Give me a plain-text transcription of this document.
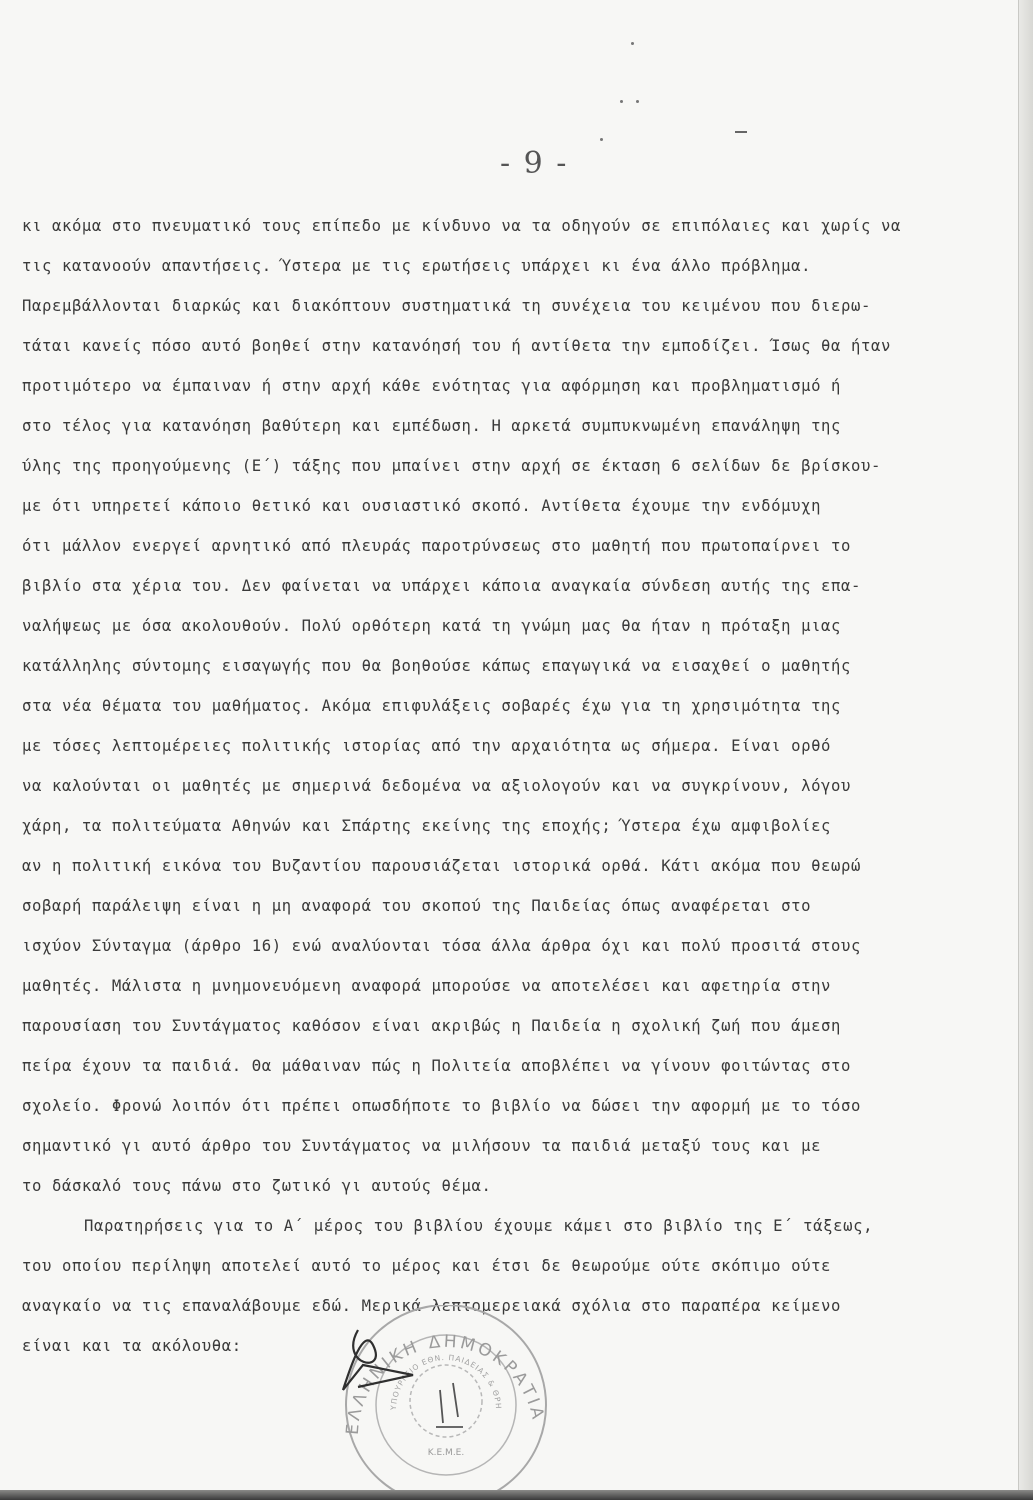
- 9 -
κι ακόμα στο πνευματικό τους επίπεδο με κίνδυνο να τα οδηγούν σε επιπόλαιες και χωρίς να
τις κατανοούν απαντήσεις. Ύστερα με τις ερωτήσεις υπάρχει κι ένα άλλο πρόβλημα.
Παρεμβάλλονται διαρκώς και διακόπτουν συστηματικά τη συνέχεια του κειμένου που διερω-
τάται κανείς πόσο αυτό βοηθεί στην κατανόησή του ή αντίθετα την εμποδίζει. Ίσως θα ήταν
προτιμότερο να έμπαιναν ή στην αρχή κάθε ενότητας για αφόρμηση και προβληματισμό ή
στο τέλος για κατανόηση βαθύτερη και εμπέδωση. Η αρκετά συμπυκνωμένη επανάληψη της
ύλης της προηγούμενης (Ε΄) τάξης που μπαίνει στην αρχή σε έκταση 6 σελίδων δε βρίσκου-
με ότι υπηρετεί κάποιο θετικό και ουσιαστικό σκοπό. Αντίθετα έχουμε την ενδόμυχη
ότι μάλλον ενεργεί αρνητικό από πλευράς παροτρύνσεως στο μαθητή που πρωτοπαίρνει το
βιβλίο στα χέρια του. Δεν φαίνεται να υπάρχει κάποια αναγκαία σύνδεση αυτής της επα-
ναλήψεως με όσα ακολουθούν. Πολύ ορθότερη κατά τη γνώμη μας θα ήταν η πρόταξη μιας
κατάλληλης σύντομης εισαγωγής που θα βοηθούσε κάπως επαγωγικά να εισαχθεί ο μαθητής
στα νέα θέματα του μαθήματος. Ακόμα επιφυλάξεις σοβαρές έχω για τη χρησιμότητα της
με τόσες λεπτομέρειες πολιτικής ιστορίας από την αρχαιότητα ως σήμερα. Είναι ορθό
να καλούνται οι μαθητές με σημερινά δεδομένα να αξιολογούν και να συγκρίνουν, λόγου
χάρη, τα πολιτεύματα Αθηνών και Σπάρτης εκείνης της εποχής; Ύστερα έχω αμφιβολίες
αν η πολιτική εικόνα του Βυζαντίου παρουσιάζεται ιστορικά ορθά. Κάτι ακόμα που θεωρώ
σοβαρή παράλειψη είναι η μη αναφορά του σκοπού της Παιδείας όπως αναφέρεται στο
ισχύον Σύνταγμα (άρθρο 16) ενώ αναλύονται τόσα άλλα άρθρα όχι και πολύ προσιτά στους
μαθητές. Μάλιστα η μνημονευόμενη αναφορά μπορούσε να αποτελέσει και αφετηρία στην
παρουσίαση του Συντάγματος καθόσον είναι ακριβώς η Παιδεία η σχολική ζωή που άμεση
πείρα έχουν τα παιδιά. Θα μάθαιναν πώς η Πολιτεία αποβλέπει να γίνουν φοιτώντας στο
σχολείο. Φρονώ λοιπόν ότι πρέπει οπωσδήποτε το βιβλίο να δώσει την αφορμή με το τόσο
σημαντικό γι αυτό άρθρο του Συντάγματος να μιλήσουν τα παιδιά μεταξύ τους και με
το δάσκαλό τους πάνω στο ζωτικό γι αυτούς θέμα.
Παρατηρήσεις για το Α΄ μέρος του βιβλίου έχουμε κάμει στο βιβλίο της Ε΄ τάξεως,
του οποίου περίληψη αποτελεί αυτό το μέρος και έτσι δε θεωρούμε ούτε σκόπιμο ούτε
αναγκαίο να τις επαναλάβουμε εδώ. Μερικά λεπτομερειακά σχόλια στο παραπέρα κείμενο
είναι και τα ακόλουθα:
ΕΛΛΗΝΙΚΗ ΔΗΜΟΚΡΑΤΙΑ
ΥΠΟΥΡΓΕΙΟ ΕΘΝ. ΠΑΙΔΕΙΑΣ & ΘΡΗ
Κ.Ε.Μ.Ε.
